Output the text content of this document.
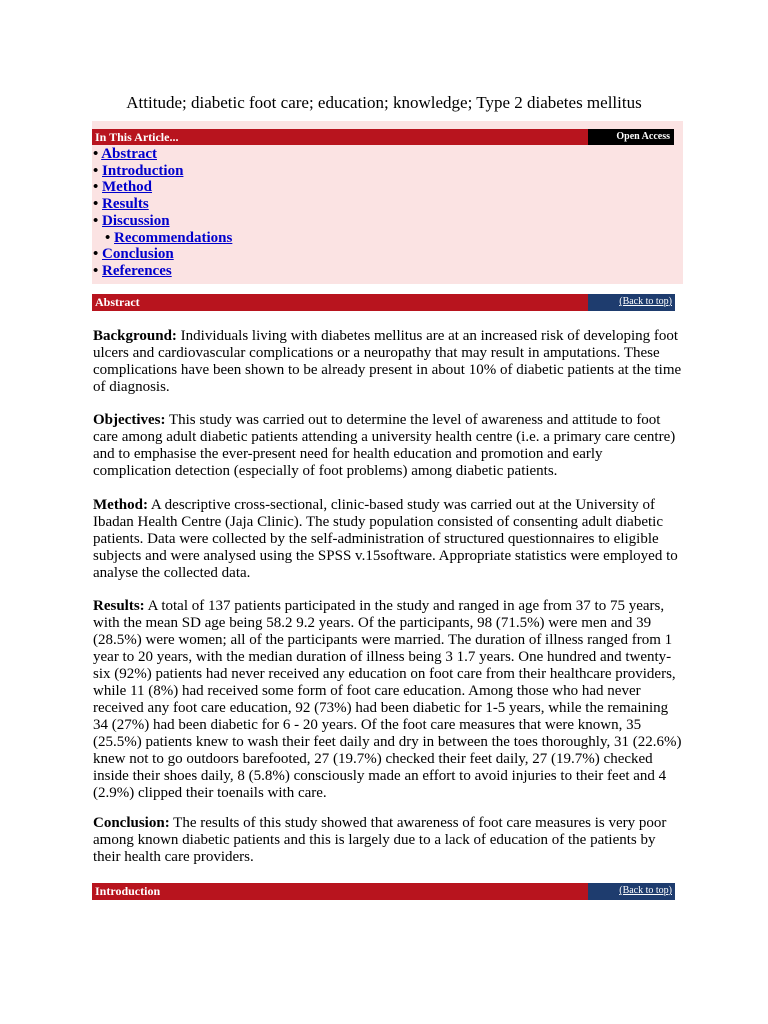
Attitude; diabetic foot care; education; knowledge; Type 2 diabetes mellitus
In This Article...	Open Access
• Abstract
• Introduction
• Method
• Results
• Discussion
• Recommendations
• Conclusion
• References
Abstract	(Back to top)

Background: Individuals living with diabetes mellitus are at an increased risk of developing foot ulcers and cardiovascular complications or a neuropathy that may result in amputations. These complications have been shown to be already present in about 10% of diabetic patients at the time of diagnosis.

Objectives: This study was carried out to determine the level of awareness and attitude to foot care among adult diabetic patients attending a university health centre (i.e. a primary care centre) and to emphasise the ever-present need for health education and promotion and early complication detection (especially of foot problems) among diabetic patients.

Method: A descriptive cross-sectional, clinic-based study was carried out at the University of Ibadan Health Centre (Jaja Clinic). The study population consisted of consenting adult diabetic patients. Data were collected by the self-administration of structured questionnaires to eligible subjects and were analysed using the SPSS v.15software. Appropriate statistics were employed to analyse the collected data.

Results: A total of 137 patients participated in the study and ranged in age from 37 to 75 years, with the mean SD age being 58.2 9.2 years. Of the participants, 98 (71.5%) were men and 39 (28.5%) were women; all of the participants were married. The duration of illness ranged from 1 year to 20 years, with the median duration of illness being 3 1.7 years. One hundred and twenty-six (92%) patients had never received any education on foot care from their healthcare providers, while 11 (8%) had received some form of foot care education. Among those who had never received any foot care education, 92 (73%) had been diabetic for 1-5 years, while the remaining 34 (27%) had been diabetic for 6 - 20 years. Of the foot care measures that were known, 35 (25.5%) patients knew to wash their feet daily and dry in between the toes thoroughly, 31 (22.6%) knew not to go outdoors barefooted, 27 (19.7%) checked their feet daily, 27 (19.7%) checked inside their shoes daily, 8 (5.8%) consciously made an effort to avoid injuries to their feet and 4 (2.9%) clipped their toenails with care.

Conclusion: The results of this study showed that awareness of foot care measures is very poor among known diabetic patients and this is largely due to a lack of education of the patients by their health care providers.

Introduction	(Back to top)
